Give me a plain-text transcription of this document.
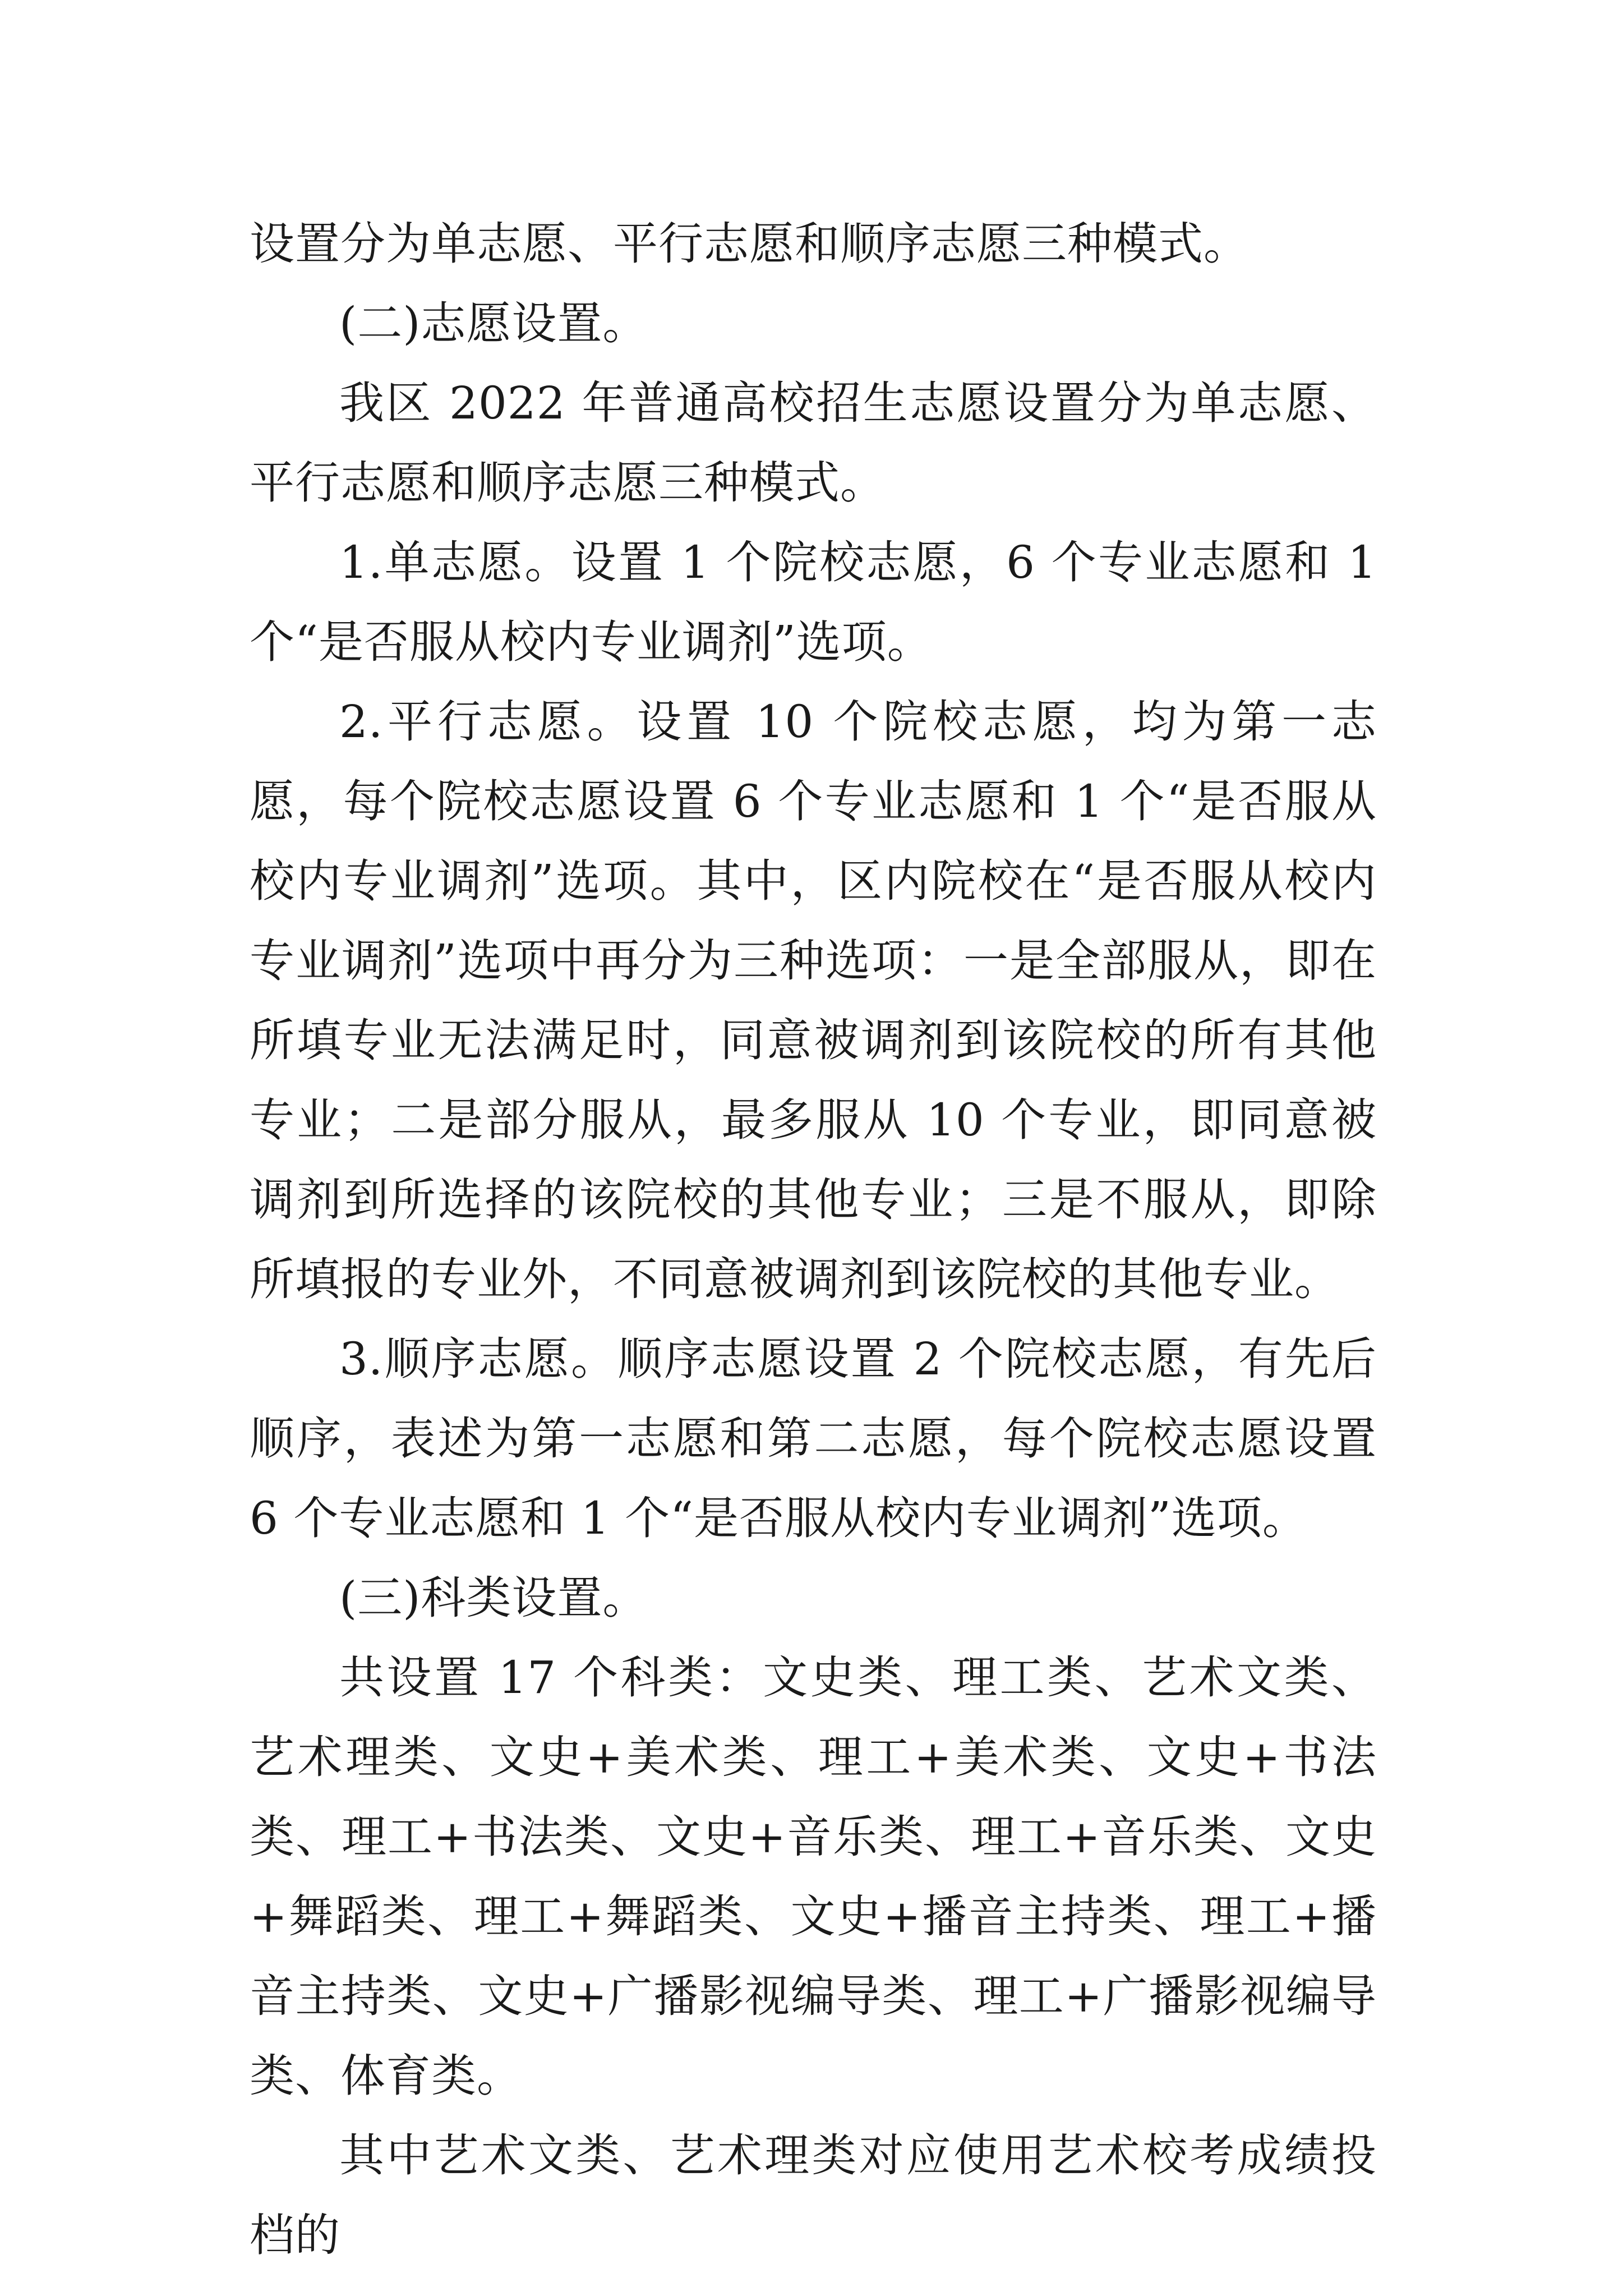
设置分为单志愿、平行志愿和顺序志愿三种模式。

(二)志愿设置。

我区 2022 年普通高校招生志愿设置分为单志愿、平行志愿和顺序志愿三种模式。

1.单志愿。设置 1 个院校志愿，6 个专业志愿和 1 个“是否服从校内专业调剂”选项。

2.平行志愿。设置 10 个院校志愿，均为第一志愿，每个院校志愿设置 6 个专业志愿和 1 个“是否服从校内专业调剂”选项。其中，区内院校在“是否服从校内专业调剂”选项中再分为三种选项：一是全部服从，即在所填专业无法满足时，同意被调剂到该院校的所有其他专业；二是部分服从，最多服从 10 个专业，即同意被调剂到所选择的该院校的其他专业；三是不服从，即除所填报的专业外，不同意被调剂到该院校的其他专业。

3.顺序志愿。顺序志愿设置 2 个院校志愿，有先后顺序，表述为第一志愿和第二志愿，每个院校志愿设置 6 个专业志愿和 1 个“是否服从校内专业调剂”选项。

(三)科类设置。

共设置 17 个科类：文史类、理工类、艺术文类、艺术理类、文史+美术类、理工+美术类、文史+书法类、理工+书法类、文史+音乐类、理工+音乐类、文史+舞蹈类、理工+舞蹈类、文史+播音主持类、理工+播音主持类、文史+广播影视编导类、理工+广播影视编导类、体育类。

其中艺术文类、艺术理类对应使用艺术校考成绩投档的
